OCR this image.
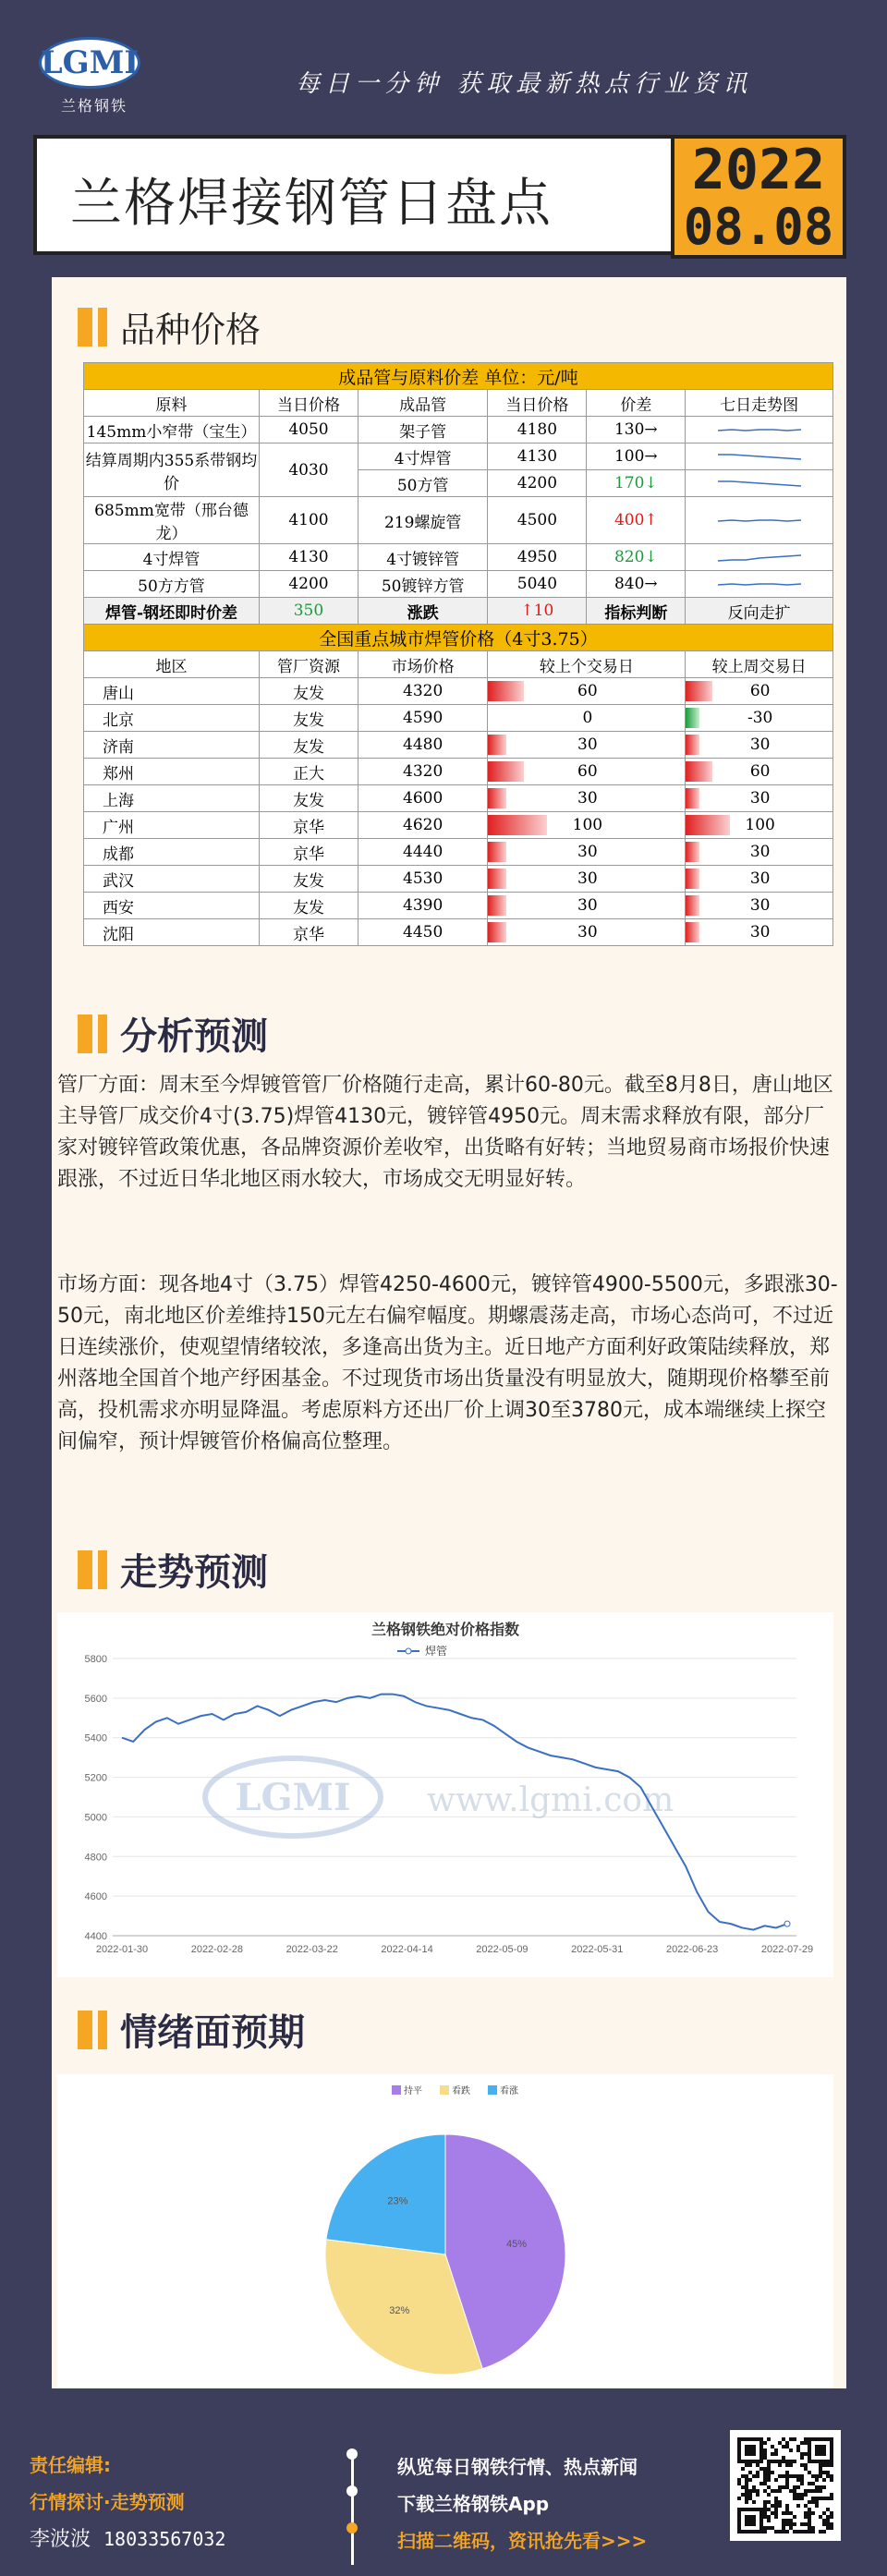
LGMI
兰格钢铁
每日一分钟 获取最新热点行业资讯
兰格焊接钢管日盘点
2022
08.08
品种价格
成品管与原料价差 单位：元/吨					
原料	当日价格	成品管	当日价格	价差	七日走势图
145mm小窄带（宝生）	4050	架子管	4180	130→	

结算周期内355系带钢均价	4030	4寸焊管	4130	100→	

		50方管	4200	170↓	

685mm宽带（邢台德龙）	4100	219螺旋管	4500	400↑	

4寸焊管	4130	4寸镀锌管	4950	820↓	

50方方管	4200	50镀锌方管	5040	840→	

焊管-钢坯即时价差	350	涨跌	↑10	指标判断	反向走扩
全国重点城市焊管价格（4寸3.75）					
地区	管厂资源	市场价格	较上个交易日		较上周交易日
唐山	友发	4320	60		60
北京	友发	4590	0		-30
济南	友发	4480	30		30
郑州	正大	4320	60		60
上海	友发	4600	30		30
广州	京华	4620	100		100
成都	京华	4440	30		30
武汉	友发	4530	30		30
西安	友发	4390	30		30
沈阳	京华	4450	30		30
分析预测
管厂方面：周末至今焊镀管管厂价格随行走高，累计60-80元。截至8月8日，唐山地区主导管厂成交价4寸(3.75)焊管4130元，镀锌管4950元。周末需求释放有限，部分厂家对镀锌管政策优惠，各品牌资源价差收窄，出货略有好转；当地贸易商市场报价快速跟涨，不过近日华北地区雨水较大，市场成交无明显好转。
市场方面：现各地4寸（3.75）焊管4250-4600元，镀锌管4900-5500元，多跟涨30-50元，南北地区价差维持150元左右偏窄幅度。期螺震荡走高，市场心态尚可，不过近日连续涨价，使观望情绪较浓，多逢高出货为主。近日地产方面利好政策陆续释放，郑州落地全国首个地产纾困基金。不过现货市场出货量没有明显放大，随期现价格攀至前高，投机需求亦明显降温。考虑原料方还出厂价上调30至3780元，成本端继续上探空间偏窄，预计焊镀管价格偏高位整理。
走势预测
兰格钢铁绝对价格指数
焊管
4400
4600
4800
5000
5200
5400
5600
5800
LGMI www.lgmi.com
2022-01-30	2022-02-28	2022-03-22	2022-04-14	2022-05-09	2022-05-31	2022-06-23	2022-07-29
情绪面预期
持平	看跌	看涨
45%
32%
23%
责任编辑:
行情探讨·走势预测
李波波 18033567032
纵览每日钢铁行情、热点新闻
下载兰格钢铁App
扫描二维码，资讯抢先看>>>
